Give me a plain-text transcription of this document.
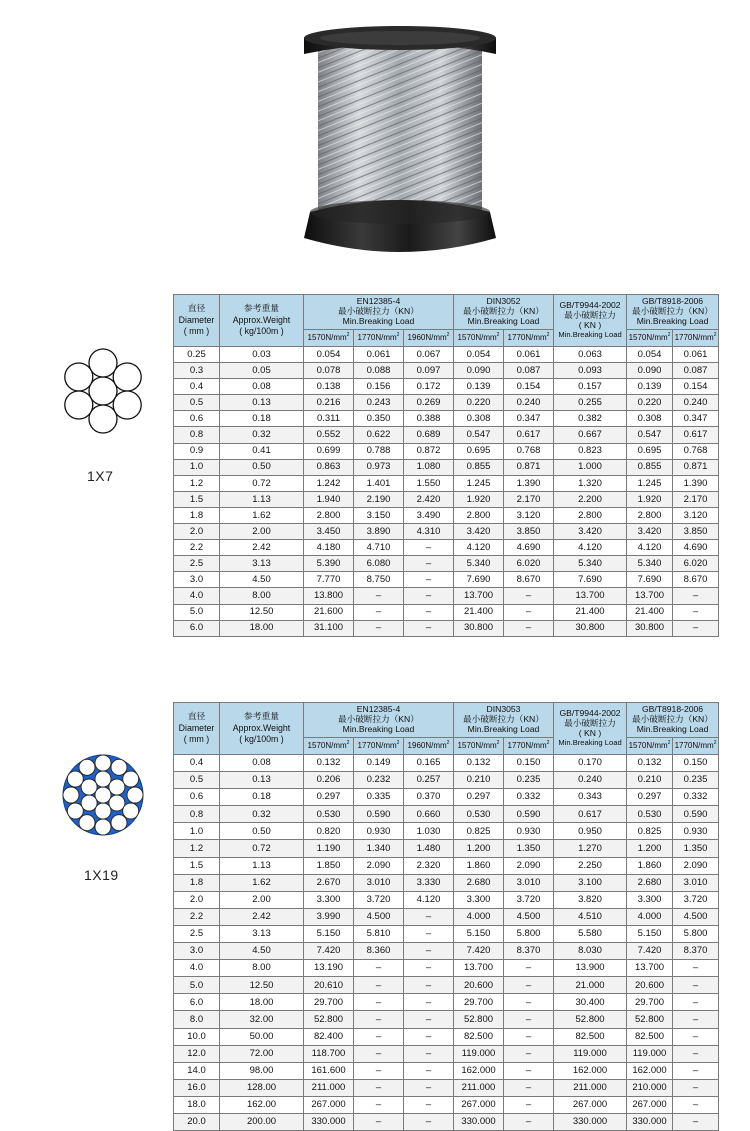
1X7
1X19
直径
Diameter
( mm )	参考重量
Approx.Weight
( kg/100m )	EN12385-4
最小破断拉力（KN）
Min.Breaking Load			DIN3052
最小破断拉力（KN）
Min.Breaking Load		GB/T9944-2002
最小破断拉力
( KN )
Min.Breaking Load	GB/T8918-2006
最小破断拉力（KN）
Min.Breaking Load	

		$1570N/mm^2$	$1770N/mm^2$	$1960N/mm^2$	$1570N/mm^2$	$1770N/mm^2$		$1570N/mm^2$	$1770N/mm^2$
0.25	0.03	0.054	0.061	0.067	0.054	0.061	0.063	0.054	0.061
0.3	0.05	0.078	0.088	0.097	0.090	0.087	0.093	0.090	0.087
0.4	0.08	0.138	0.156	0.172	0.139	0.154	0.157	0.139	0.154
0.5	0.13	0.216	0.243	0.269	0.220	0.240	0.255	0.220	0.240
0.6	0.18	0.311	0.350	0.388	0.308	0.347	0.382	0.308	0.347
0.8	0.32	0.552	0.622	0.689	0.547	0.617	0.667	0.547	0.617
0.9	0.41	0.699	0.788	0.872	0.695	0.768	0.823	0.695	0.768
1.0	0.50	0.863	0.973	1.080	0.855	0.871	1.000	0.855	0.871
1.2	0.72	1.242	1.401	1.550	1.245	1.390	1.320	1.245	1.390
1.5	1.13	1.940	2.190	2.420	1.920	2.170	2.200	1.920	2.170
1.8	1.62	2.800	3.150	3.490	2.800	3.120	2.800	2.800	3.120
2.0	2.00	3.450	3.890	4.310	3.420	3.850	3.420	3.420	3.850
2.2	2.42	4.180	4.710	–	4.120	4.690	4.120	4.120	4.690
2.5	3.13	5.390	6.080	–	5.340	6.020	5.340	5.340	6.020
3.0	4.50	7.770	8.750	–	7.690	8.670	7.690	7.690	8.670
4.0	8.00	13.800	–	–	13.700	–	13.700	13.700	–
5.0	12.50	21.600	–	–	21.400	–	21.400	21.400	–
6.0	18.00	31.100	–	–	30.800	–	30.800	30.800	–
直径
Diameter
( mm )	参考重量
Approx.Weight
( kg/100m )	EN12385-4
最小破断拉力（KN）
Min.Breaking Load			DIN3053
最小破断拉力（KN）
Min.Breaking Load		GB/T9944-2002
最小破断拉力
( KN )
Min.Breaking Load	GB/T8918-2006
最小破断拉力（KN）
Min.Breaking Load	

		$1570N/mm^2$	$1770N/mm^2$	$1960N/mm^2$	$1570N/mm^2$	$1770N/mm^2$		$1570N/mm^2$	$1770N/mm^2$
0.4	0.08	0.132	0.149	0.165	0.132	0.150	0.170	0.132	0.150
0.5	0.13	0.206	0.232	0.257	0.210	0.235	0.240	0.210	0.235
0.6	0.18	0.297	0.335	0.370	0.297	0.332	0.343	0.297	0.332
0.8	0.32	0.530	0.590	0.660	0.530	0.590	0.617	0.530	0.590
1.0	0.50	0.820	0.930	1.030	0.825	0.930	0.950	0.825	0.930
1.2	0.72	1.190	1.340	1.480	1.200	1.350	1.270	1.200	1.350
1.5	1.13	1.850	2.090	2.320	1.860	2.090	2.250	1.860	2.090
1.8	1.62	2.670	3.010	3.330	2.680	3.010	3.100	2.680	3.010
2.0	2.00	3.300	3.720	4.120	3.300	3.720	3.820	3.300	3.720
2.2	2.42	3.990	4.500	–	4.000	4.500	4.510	4.000	4.500
2.5	3.13	5.150	5.810	–	5.150	5.800	5.580	5.150	5.800
3.0	4.50	7.420	8.360	–	7.420	8.370	8.030	7.420	8.370
4.0	8.00	13.190	–	–	13.700	–	13.900	13.700	–
5.0	12.50	20.610	–	–	20.600	–	21.000	20.600	–
6.0	18.00	29.700	–	–	29.700	–	30.400	29.700	–
8.0	32.00	52.800	–	–	52.800	–	52.800	52.800	–
10.0	50.00	82.400	–	–	82.500	–	82.500	82.500	–
12.0	72.00	118.700	–	–	119.000	–	119.000	119.000	–
14.0	98.00	161.600	–	–	162.000	–	162.000	162.000	–
16.0	128.00	211.000	–	–	211.000	–	211.000	210.000	–
18.0	162.00	267.000	–	–	267.000	–	267.000	267.000	–
20.0	200.00	330.000	–	–	330.000	–	330.000	330.000	–
